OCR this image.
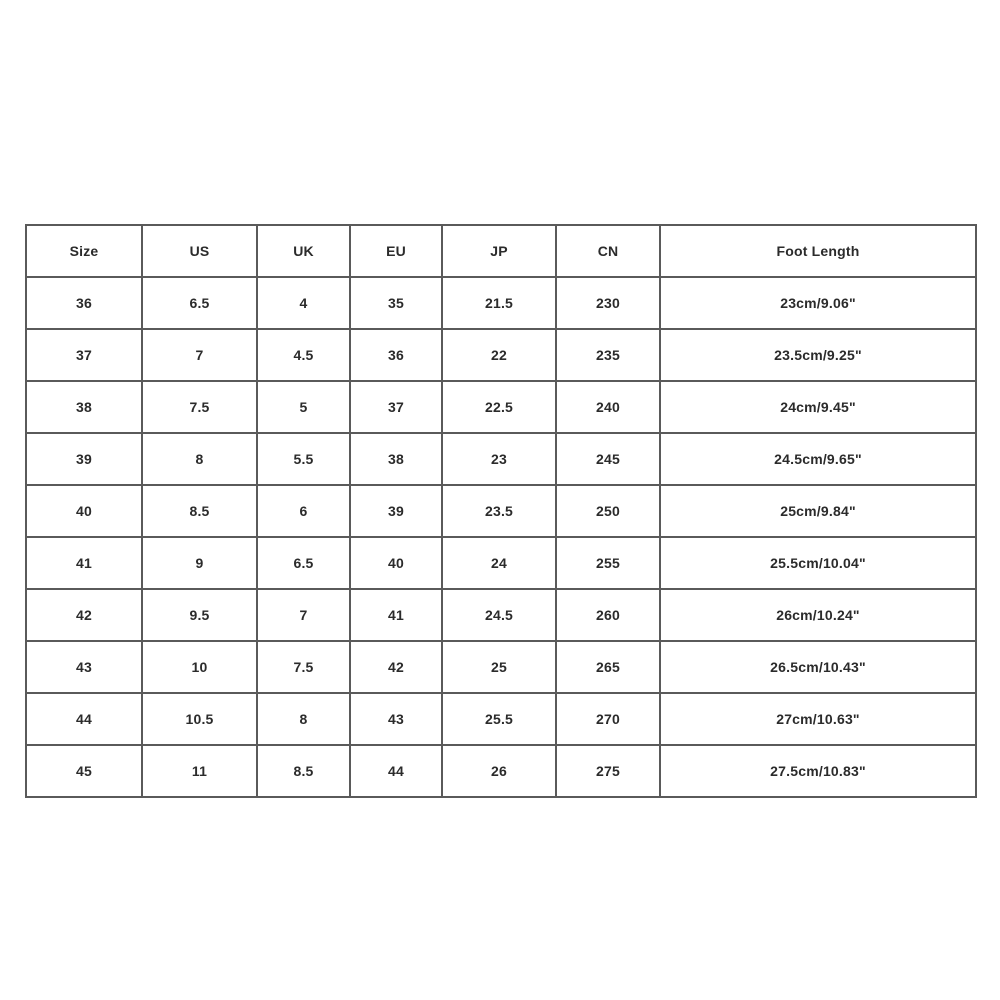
Size	US	UK	EU	JP	CN	Foot Length
36	6.5	4	35	21.5	230	23cm/9.06"
37	7	4.5	36	22	235	23.5cm/9.25"
38	7.5	5	37	22.5	240	24cm/9.45"
39	8	5.5	38	23	245	24.5cm/9.65"
40	8.5	6	39	23.5	250	25cm/9.84"
41	9	6.5	40	24	255	25.5cm/10.04"
42	9.5	7	41	24.5	260	26cm/10.24"
43	10	7.5	42	25	265	26.5cm/10.43"
44	10.5	8	43	25.5	270	27cm/10.63"
45	11	8.5	44	26	275	27.5cm/10.83"
